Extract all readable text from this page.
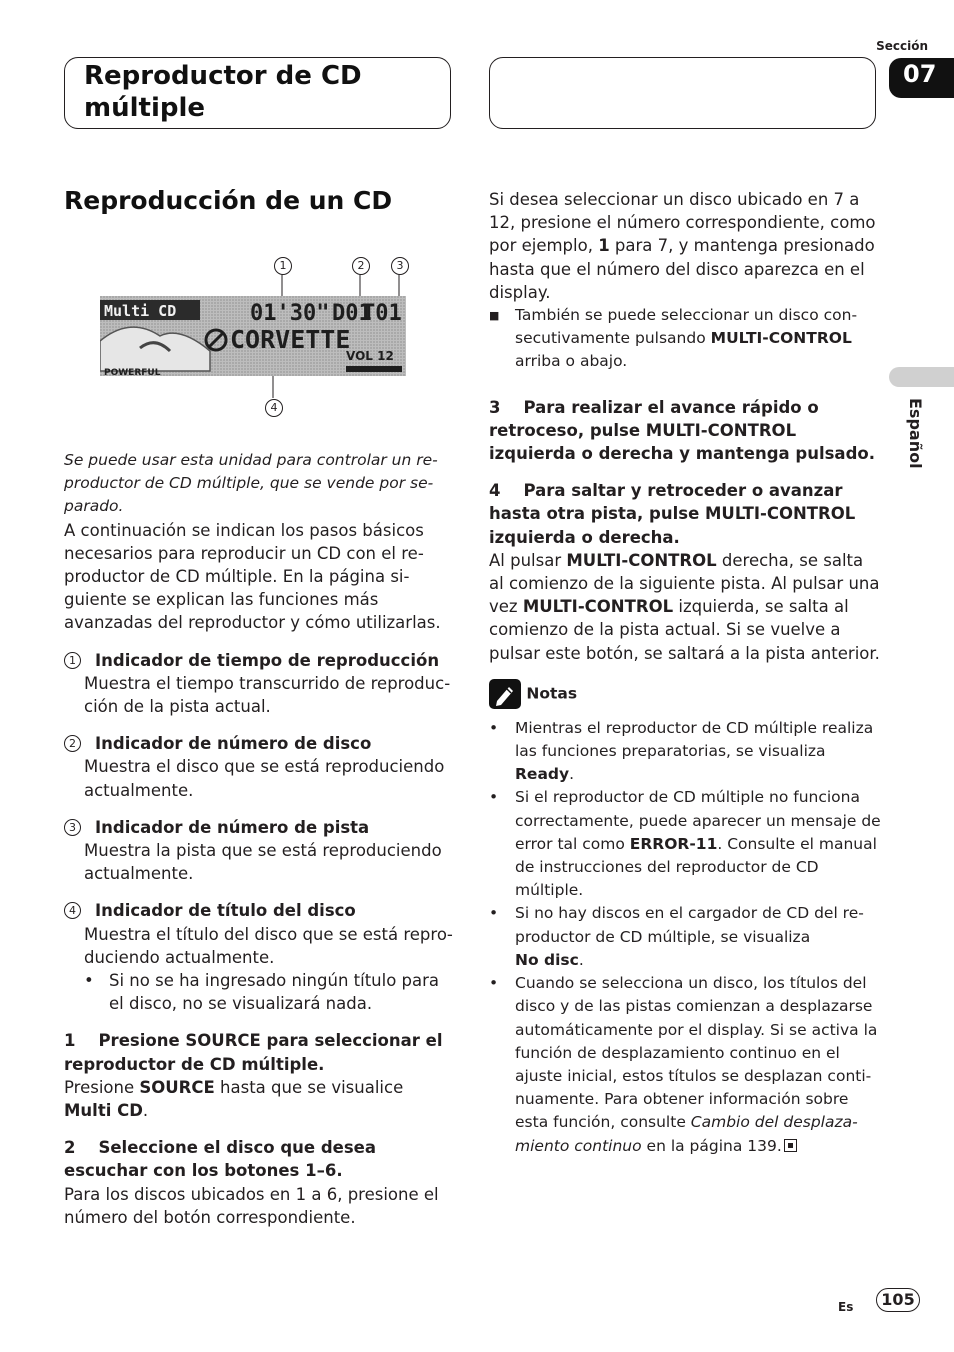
Reproductor de CD múltiple
Sección
07
Español
Reproducción de un CD
1	2	3
4
Multi CD	01'30" D01
T01
CORVETTE
VOL 12
POWERFUL

Se puede usar esta unidad para controlar un reproductor de CD múltiple, que se vende por separado.

A continuación se indican los pasos básicos necesarios para reproducir un CD con el reproductor de CD múltiple. En la página siguiente se explican las funciones más avanzadas del reproductor y cómo utilizarlas.

1 Indicador de tiempo de reproducción

Muestra el tiempo transcurrido de reproducción de la pista actual.

2 Indicador de número de disco

Muestra el disco que se está reproduciendo actualmente.

3 Indicador de número de pista

Muestra la pista que se está reproduciendo actualmente.

4 Indicador de título del disco

Muestra el título del disco que se está reproduciendo actualmente.

• Si no se ha ingresado ningún título para el disco, no se visualizará nada.

1 Presione SOURCE para seleccionar el reproductor de CD múltiple.

Presione SOURCE hasta que se visualice
Multi CD.

2 Seleccione el disco que desea escuchar con los botones 1–6.

Para los discos ubicados en 1 a 6, presione el número del botón correspondiente.

Si desea seleccionar un disco ubicado en 7 a 12, presione el número correspondiente, como por ejemplo, 1 para 7, y mantenga presionado hasta que el número del disco aparezca en el display.

■	También se puede seleccionar un disco consecutivamente pulsando MULTI-CONTROL arriba o abajo.

3 Para realizar el avance rápido o retroceso, pulse MULTI-CONTROL izquierda o derecha y mantenga pulsado.

4 Para saltar y retroceder o avanzar hasta otra pista, pulse MULTI-CONTROL izquierda o derecha.

Al pulsar MULTI-CONTROL derecha, se salta al comienzo de la siguiente pista. Al pulsar una vez MULTI-CONTROL izquierda, se salta al comienzo de la pista actual. Si se vuelve a pulsar este botón, se saltará a la pista anterior.

Notas

•	Mientras el reproductor de CD múltiple realiza las funciones preparatorias, se visualiza Ready.
•	Si el reproductor de CD múltiple no funciona correctamente, puede aparecer un mensaje de error tal como ERROR-11. Consulte el manual de instrucciones del reproductor de CD múltiple.
•	Si no hay discos en el cargador de CD del reproductor de CD múltiple, se visualiza
No disc.
•	Cuando se selecciona un disco, los títulos del disco y de las pistas comienzan a desplazarse automáticamente por el display. Si se activa la función de desplazamiento continuo en el ajuste inicial, estos títulos se desplazan continuamente. Para obtener información sobre esta función, consulte Cambio del desplazamiento continuo en la página 139.
Es	105
